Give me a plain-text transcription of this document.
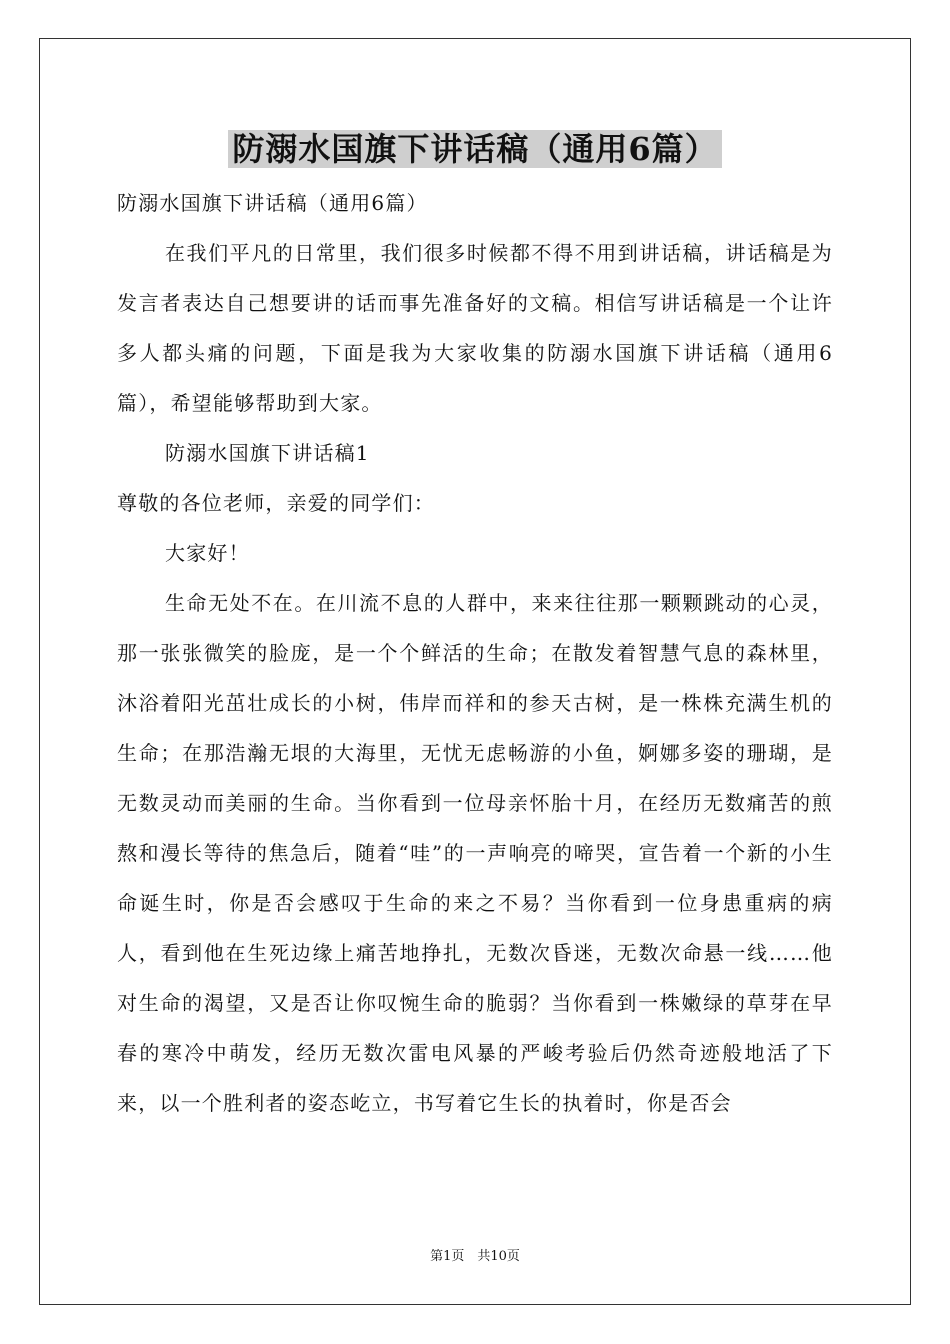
防溺水国旗下讲话稿（通用6篇）

防溺水国旗下讲话稿（通用6篇）

在我们平凡的日常里，我们很多时候都不得不用到讲话稿，讲话稿是为发言者表达自己想要讲的话而事先准备好的文稿。相信写讲话稿是一个让许多人都头痛的问题，下面是我为大家收集的防溺水国旗下讲话稿（通用6篇），希望能够帮助到大家。

防溺水国旗下讲话稿1

尊敬的各位老师，亲爱的同学们：

大家好！

生命无处不在。在川流不息的人群中，来来往往那一颗颗跳动的心灵，那一张张微笑的脸庞，是一个个鲜活的生命；在散发着智慧气息的森林里，沐浴着阳光茁壮成长的小树，伟岸而祥和的参天古树，是一株株充满生机的生命；在那浩瀚无垠的大海里，无忧无虑畅游的小鱼，婀娜多姿的珊瑚，是无数灵动而美丽的生命。当你看到一位母亲怀胎十月，在经历无数痛苦的煎熬和漫长等待的焦急后，随着“哇”的一声响亮的啼哭，宣告着一个新的小生命诞生时，你是否会感叹于生命的来之不易？当你看到一位身患重病的病人，看到他在生死边缘上痛苦地挣扎，无数次昏迷，无数次命悬一线……他对生命的渴望，又是否让你叹惋生命的脆弱？当你看到一株嫩绿的草芽在早春的寒冷中萌发，经历无数次雷电风暴的严峻考验后仍然奇迹般地活了下来，以一个胜利者的姿态屹立，书写着它生长的执着时，你是否会

第1页　共10页
